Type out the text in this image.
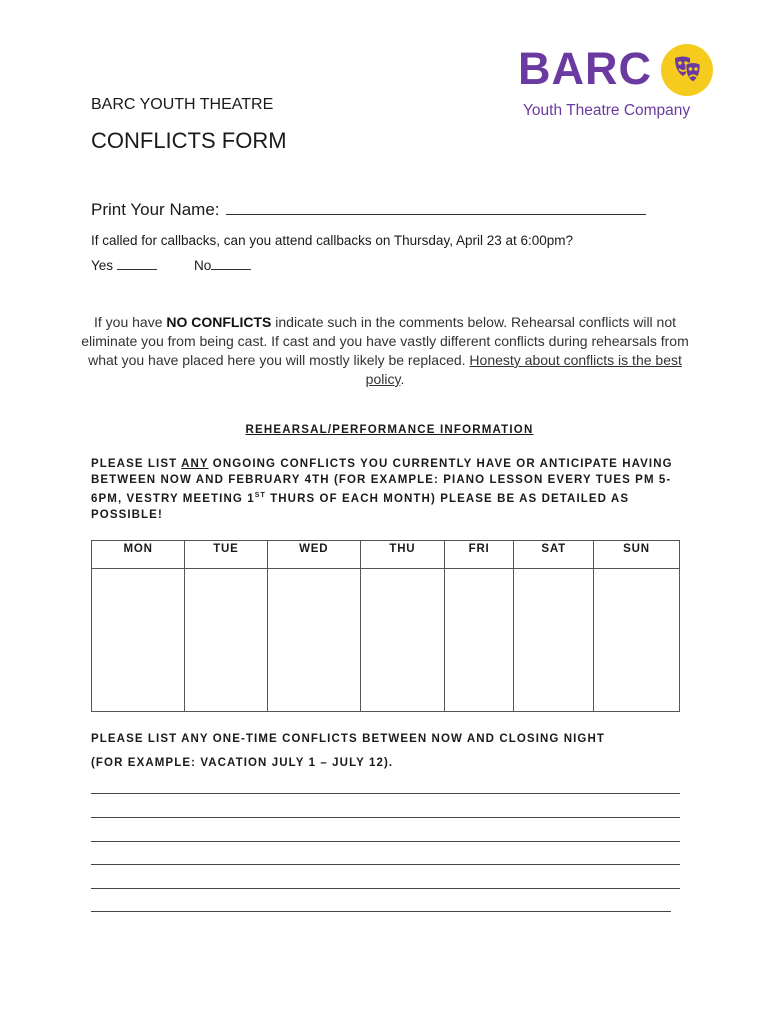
BARC
Youth Theatre Company
BARC YOUTH THEATRE
CONFLICTS FORM
Print Your Name:
If called for callbacks, can you attend callbacks on Thursday, April 23 at 6:00pm?
Yes	No
If you have NO CONFLICTS indicate such in the comments below. Rehearsal conflicts will not eliminate you from being cast. If cast and you have vastly different conflicts during rehearsals from what you have placed here you will mostly likely be replaced. Honesty about conflicts is the best policy.
REHEARSAL/PERFORMANCE INFORMATION
PLEASE LIST ANY ONGOING CONFLICTS YOU CURRENTLY HAVE OR ANTICIPATE HAVING BETWEEN NOW AND FEBRUARY 4TH (FOR EXAMPLE: PIANO LESSON EVERY TUES PM 5-6PM, VESTRY MEETING 1ST THURS OF EACH MONTH) PLEASE BE AS DETAILED AS POSSIBLE!
MON	TUE	WED	THU	FRI	SAT	SUN

PLEASE LIST ANY ONE-TIME CONFLICTS BETWEEN NOW AND CLOSING NIGHT
(FOR EXAMPLE: VACATION JULY 1 – JULY 12).
